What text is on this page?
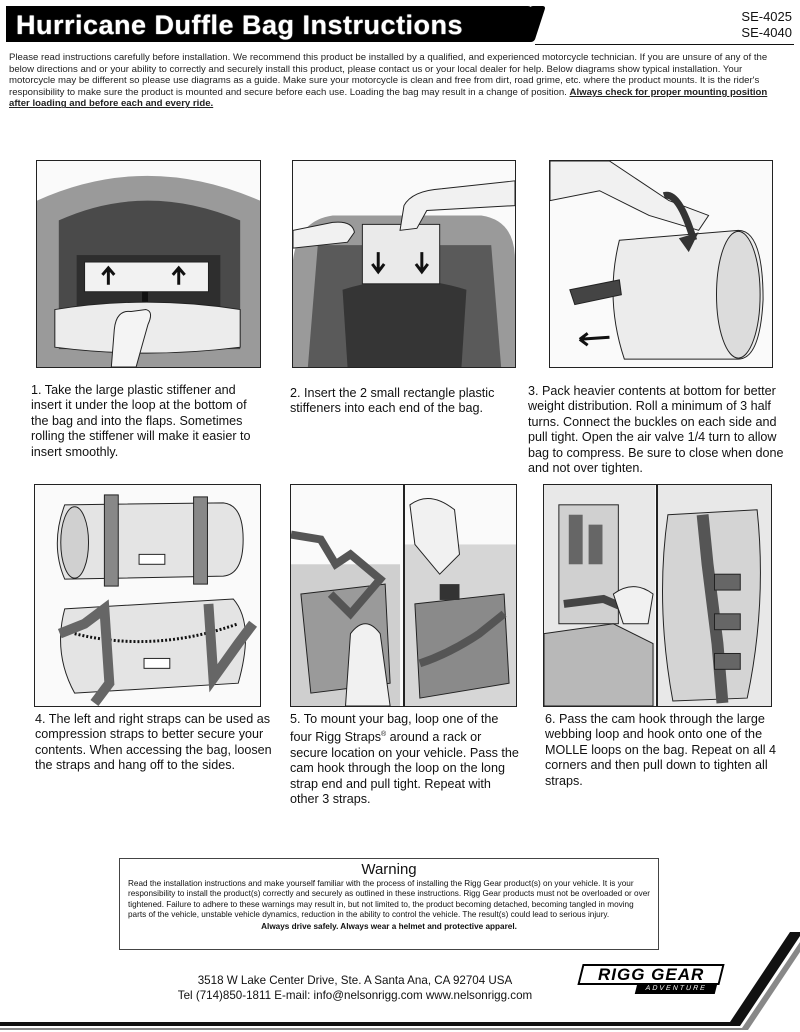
Hurricane Duffle Bag Instructions	SE-4025
SE-4040
Please read instructions carefully before installation. We recommend this product be installed by a qualified, and experienced motorcycle technician. If you are unsure of any of the below directions and or your ability to correctly and securely install this product, please contact us or your local dealer for help. Below diagrams show typical installation. Your motorcycle may be different so please use diagrams as a guide. Make sure your motorcycle is clean and free from dirt, road grime, etc. where the product mounts. It is the rider's responsibility to make sure the product is mounted and secure before each use. Loading the bag may result in a change of position. Always check for proper mounting position after loading and before each and every ride.
1. Take the large plastic stiffener and insert it under the loop at the bottom of the bag and into the flaps. Sometimes rolling the stiffener will make it easier to insert smoothly.
2. Insert the 2 small rectangle plastic stiffeners into each end of the bag.
3. Pack heavier contents at bottom for better weight distribution. Roll a minimum of 3 half turns. Connect the buckles on each side and pull tight. Open the air valve 1/4 turn to allow bag to compress. Be sure to close when done and not over tighten.
4. The left and right straps can be used as compression straps to better secure your contents. When accessing the bag, loosen the straps and hang off to the sides.
5. To mount your bag, loop one of the four Rigg Straps® around a rack or secure location on your vehicle. Pass the cam hook through the loop on the long strap end and pull tight. Repeat with other 3 straps.
6. Pass the cam hook through the large webbing loop and hook onto one of the MOLLE loops on the bag. Repeat on all 4 corners and then pull down to tighten all straps.
Warning
Read the installation instructions and make yourself familiar with the process of installing the Rigg Gear product(s) on your vehicle. It is your responsibility to install the product(s) correctly and securely as outlined in these instructions. Rigg Gear products must not be overloaded or over tightened. Failure to adhere to these warnings may result in, but not limited to, the product becoming detached, becoming tangled in moving parts of the vehicle, unstable vehicle dynamics, reduction in the ability to control the vehicle. The result(s) could lead to serious injury.
Always drive safely. Always wear a helmet and protective apparel.
3518 W Lake Center Drive, Ste. A Santa Ana, CA 92704 USA
Tel (714)850-1811 E-mail: info@nelsonrigg.com www.nelsonrigg.com
RIGG GEAR
ADVENTURE
